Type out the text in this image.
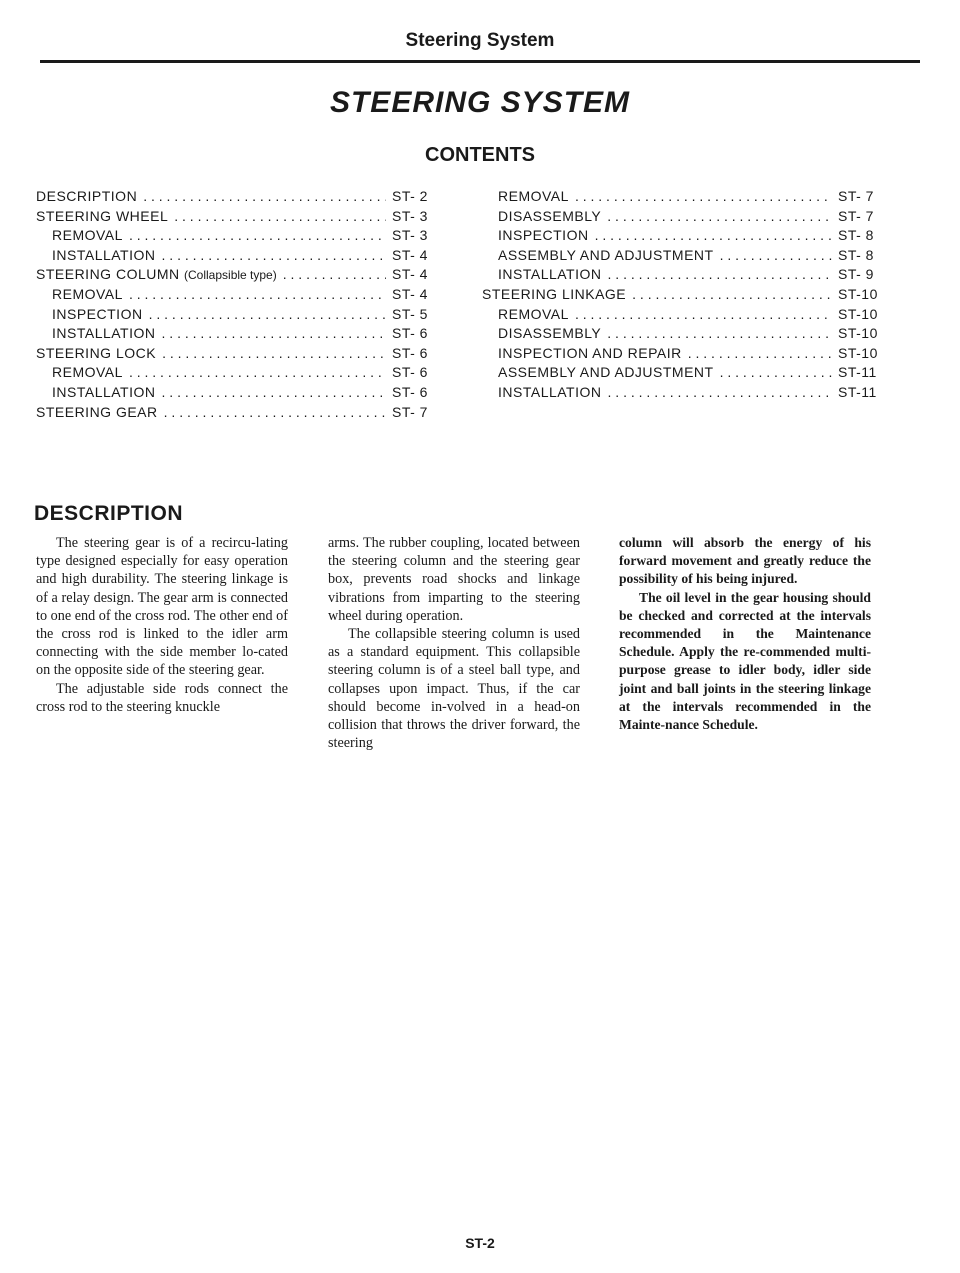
Steering System
STEERING SYSTEM
CONTENTS
DESCRIPTION . . .	ST- 2
STEERING WHEEL . . .	ST- 3
REMOVAL . . .	ST- 3
INSTALLATION . . .	ST- 4
STEERING COLUMN (Collapsible type) . . .	ST- 4
REMOVAL . . .	ST- 4
INSPECTION . . .	ST- 5
INSTALLATION . . .	ST- 6
STEERING LOCK . . .	ST- 6
REMOVAL . . .	ST- 6
INSTALLATION . . .	ST- 6
STEERING GEAR . . .	ST- 7
REMOVAL . . .	ST- 7
DISASSEMBLY . . .	ST- 7
INSPECTION . . .	ST- 8
ASSEMBLY AND ADJUSTMENT . . .	ST- 8
INSTALLATION . . .	ST- 9
STEERING LINKAGE . . .	ST-10
REMOVAL . . .	ST-10
DISASSEMBLY . . .	ST-10
INSPECTION AND REPAIR . . .	ST-10
ASSEMBLY AND ADJUSTMENT . . .	ST-11
INSTALLATION . . .	ST-11
DESCRIPTION

The steering gear is of a recircu-lating type designed especially for easy operation and high durability. The steering linkage is of a relay design. The gear arm is connected to one end of the cross rod. The other end of the cross rod is linked to the idler arm connecting with the side member lo-cated on the opposite side of the steering gear.

The adjustable side rods connect the cross rod to the steering knuckle

arms. The rubber coupling, located between the steering column and the steering gear box, prevents road shocks and linkage vibrations from imparting to the steering wheel during operation.

The collapsible steering column is used as a standard equipment. This collapsible steering column is of a steel ball type, and collapses upon impact. Thus, if the car should become in-volved in a head-on collision that throws the driver forward, the steering

column will absorb the energy of his forward movement and greatly reduce the possibility of his being injured.

The oil level in the gear housing should be checked and corrected at the intervals recommended in the Maintenance Schedule. Apply the re-commended multi-purpose grease to idler body, idler side joint and ball joints in the steering linkage at the intervals recommended in the Mainte-nance Schedule.

ST-2
